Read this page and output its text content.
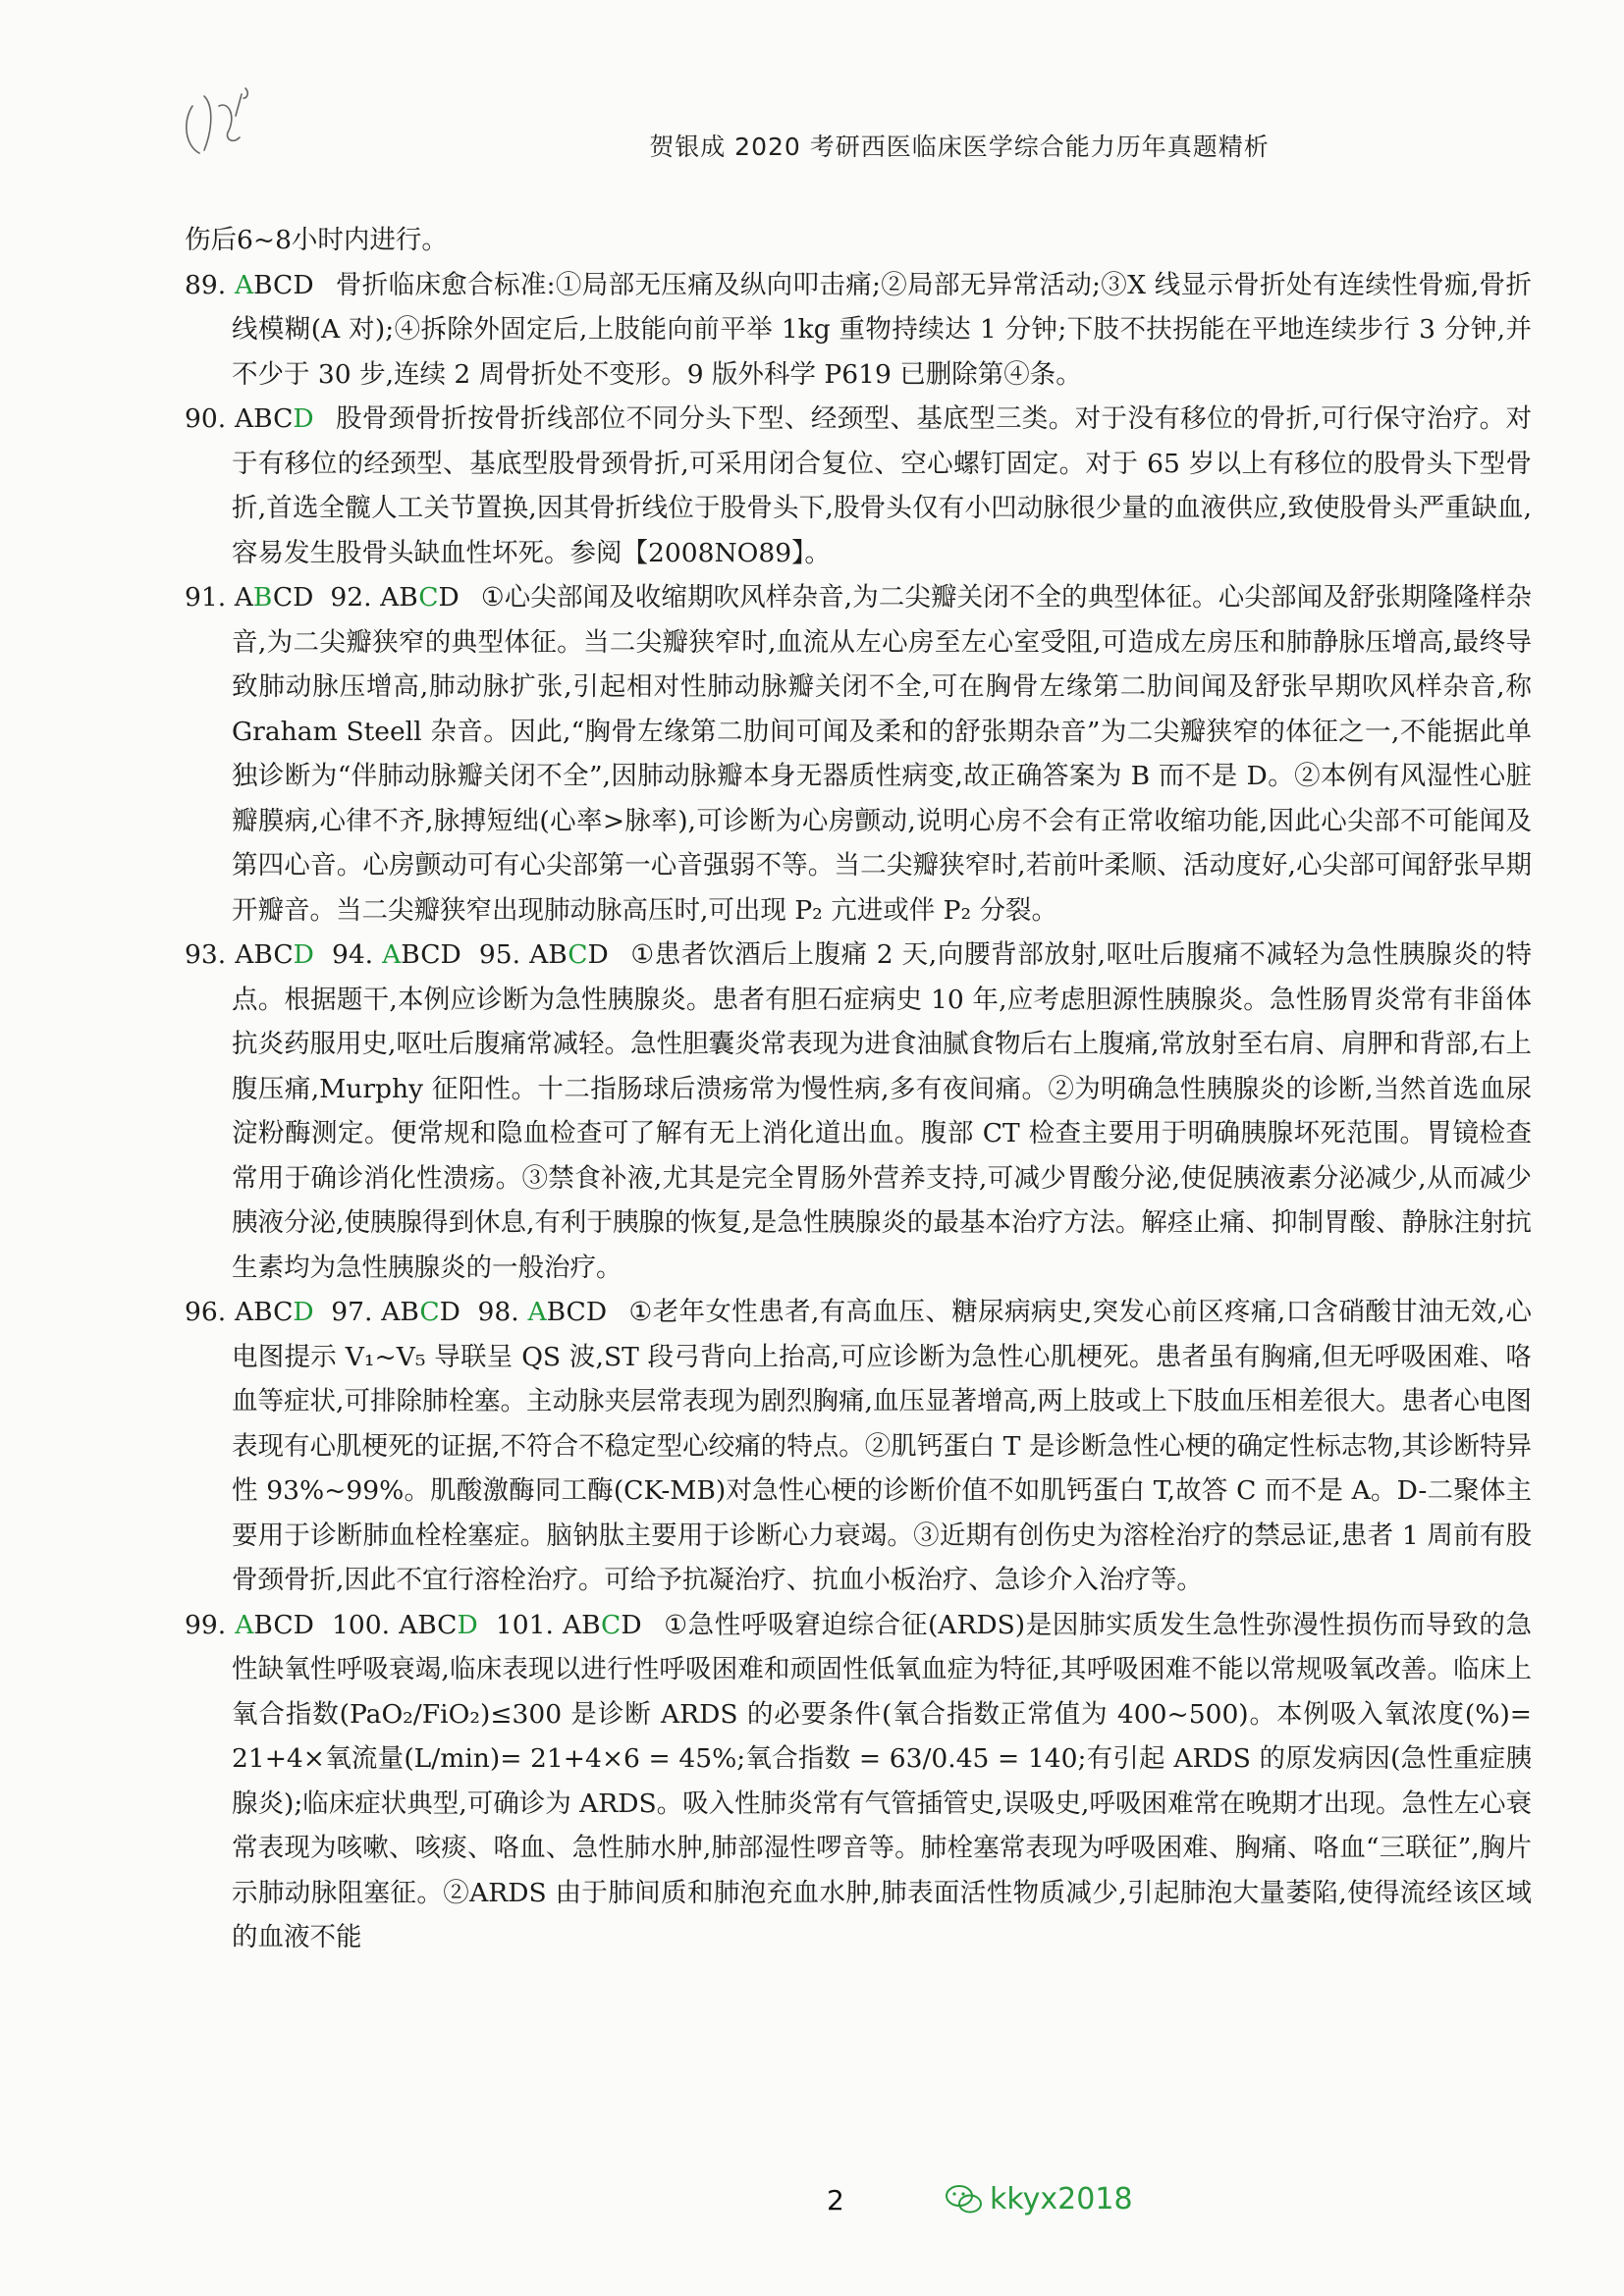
贺银成 2020 考研西医临床医学综合能力历年真题精析

伤后6~8小时内进行。

89. ABCD 骨折临床愈合标准:①局部无压痛及纵向叩击痛;②局部无异常活动;③X 线显示骨折处有连续性骨痂,骨折线模糊(A 对);④拆除外固定后,上肢能向前平举 1kg 重物持续达 1 分钟;下肢不扶拐能在平地连续步行 3 分钟,并不少于 30 步,连续 2 周骨折处不变形。9 版外科学 P619 已删除第④条。

90. ABCD 股骨颈骨折按骨折线部位不同分头下型、经颈型、基底型三类。对于没有移位的骨折,可行保守治疗。对于有移位的经颈型、基底型股骨颈骨折,可采用闭合复位、空心螺钉固定。对于 65 岁以上有移位的股骨头下型骨折,首选全髋人工关节置换,因其骨折线位于股骨头下,股骨头仅有小凹动脉很少量的血液供应,致使股骨头严重缺血,容易发生股骨头缺血性坏死。参阅【2008NO89】。

91. ABCD  92. ABCD ①心尖部闻及收缩期吹风样杂音,为二尖瓣关闭不全的典型体征。心尖部闻及舒张期隆隆样杂音,为二尖瓣狭窄的典型体征。当二尖瓣狭窄时,血流从左心房至左心室受阻,可造成左房压和肺静脉压增高,最终导致肺动脉压增高,肺动脉扩张,引起相对性肺动脉瓣关闭不全,可在胸骨左缘第二肋间闻及舒张早期吹风样杂音,称 Graham Steell 杂音。因此,“胸骨左缘第二肋间可闻及柔和的舒张期杂音”为二尖瓣狭窄的体征之一,不能据此单独诊断为“伴肺动脉瓣关闭不全”,因肺动脉瓣本身无器质性病变,故正确答案为 B 而不是 D。②本例有风湿性心脏瓣膜病,心律不齐,脉搏短绌(心率>脉率),可诊断为心房颤动,说明心房不会有正常收缩功能,因此心尖部不可能闻及第四心音。心房颤动可有心尖部第一心音强弱不等。当二尖瓣狭窄时,若前叶柔顺、活动度好,心尖部可闻舒张早期开瓣音。当二尖瓣狭窄出现肺动脉高压时,可出现 P₂ 亢进或伴 P₂ 分裂。

93. ABCD  94. ABCD  95. ABCD ①患者饮酒后上腹痛 2 天,向腰背部放射,呕吐后腹痛不减轻为急性胰腺炎的特点。根据题干,本例应诊断为急性胰腺炎。患者有胆石症病史 10 年,应考虑胆源性胰腺炎。急性肠胃炎常有非甾体抗炎药服用史,呕吐后腹痛常减轻。急性胆囊炎常表现为进食油腻食物后右上腹痛,常放射至右肩、肩胛和背部,右上腹压痛,Murphy 征阳性。十二指肠球后溃疡常为慢性病,多有夜间痛。②为明确急性胰腺炎的诊断,当然首选血尿淀粉酶测定。便常规和隐血检查可了解有无上消化道出血。腹部 CT 检查主要用于明确胰腺坏死范围。胃镜检查常用于确诊消化性溃疡。③禁食补液,尤其是完全胃肠外营养支持,可减少胃酸分泌,使促胰液素分泌减少,从而减少胰液分泌,使胰腺得到休息,有利于胰腺的恢复,是急性胰腺炎的最基本治疗方法。解痉止痛、抑制胃酸、静脉注射抗生素均为急性胰腺炎的一般治疗。

96. ABCD  97. ABCD  98. ABCD ①老年女性患者,有高血压、糖尿病病史,突发心前区疼痛,口含硝酸甘油无效,心电图提示 V₁~V₅ 导联呈 QS 波,ST 段弓背向上抬高,可应诊断为急性心肌梗死。患者虽有胸痛,但无呼吸困难、咯血等症状,可排除肺栓塞。主动脉夹层常表现为剧烈胸痛,血压显著增高,两上肢或上下肢血压相差很大。患者心电图表现有心肌梗死的证据,不符合不稳定型心绞痛的特点。②肌钙蛋白 T 是诊断急性心梗的确定性标志物,其诊断特异性 93%~99%。肌酸激酶同工酶(CK-MB)对急性心梗的诊断价值不如肌钙蛋白 T,故答 C 而不是 A。D-二聚体主要用于诊断肺血栓栓塞症。脑钠肽主要用于诊断心力衰竭。③近期有创伤史为溶栓治疗的禁忌证,患者 1 周前有股骨颈骨折,因此不宜行溶栓治疗。可给予抗凝治疗、抗血小板治疗、急诊介入治疗等。

99. ABCD  100. ABCD  101. ABCD ①急性呼吸窘迫综合征(ARDS)是因肺实质发生急性弥漫性损伤而导致的急性缺氧性呼吸衰竭,临床表现以进行性呼吸困难和顽固性低氧血症为特征,其呼吸困难不能以常规吸氧改善。临床上氧合指数(PaO₂/FiO₂)≤300 是诊断 ARDS 的必要条件(氧合指数正常值为 400~500)。本例吸入氧浓度(%)= 21+4×氧流量(L/min)= 21+4×6 = 45%;氧合指数 = 63/0.45 = 140;有引起 ARDS 的原发病因(急性重症胰腺炎);临床症状典型,可确诊为 ARDS。吸入性肺炎常有气管插管史,误吸史,呼吸困难常在晚期才出现。急性左心衰常表现为咳嗽、咳痰、咯血、急性肺水肿,肺部湿性啰音等。肺栓塞常表现为呼吸困难、胸痛、咯血“三联征”,胸片示肺动脉阻塞征。②ARDS 由于肺间质和肺泡充血水肿,肺表面活性物质减少,引起肺泡大量萎陷,使得流经该区域的血液不能

2	kkyx2018
